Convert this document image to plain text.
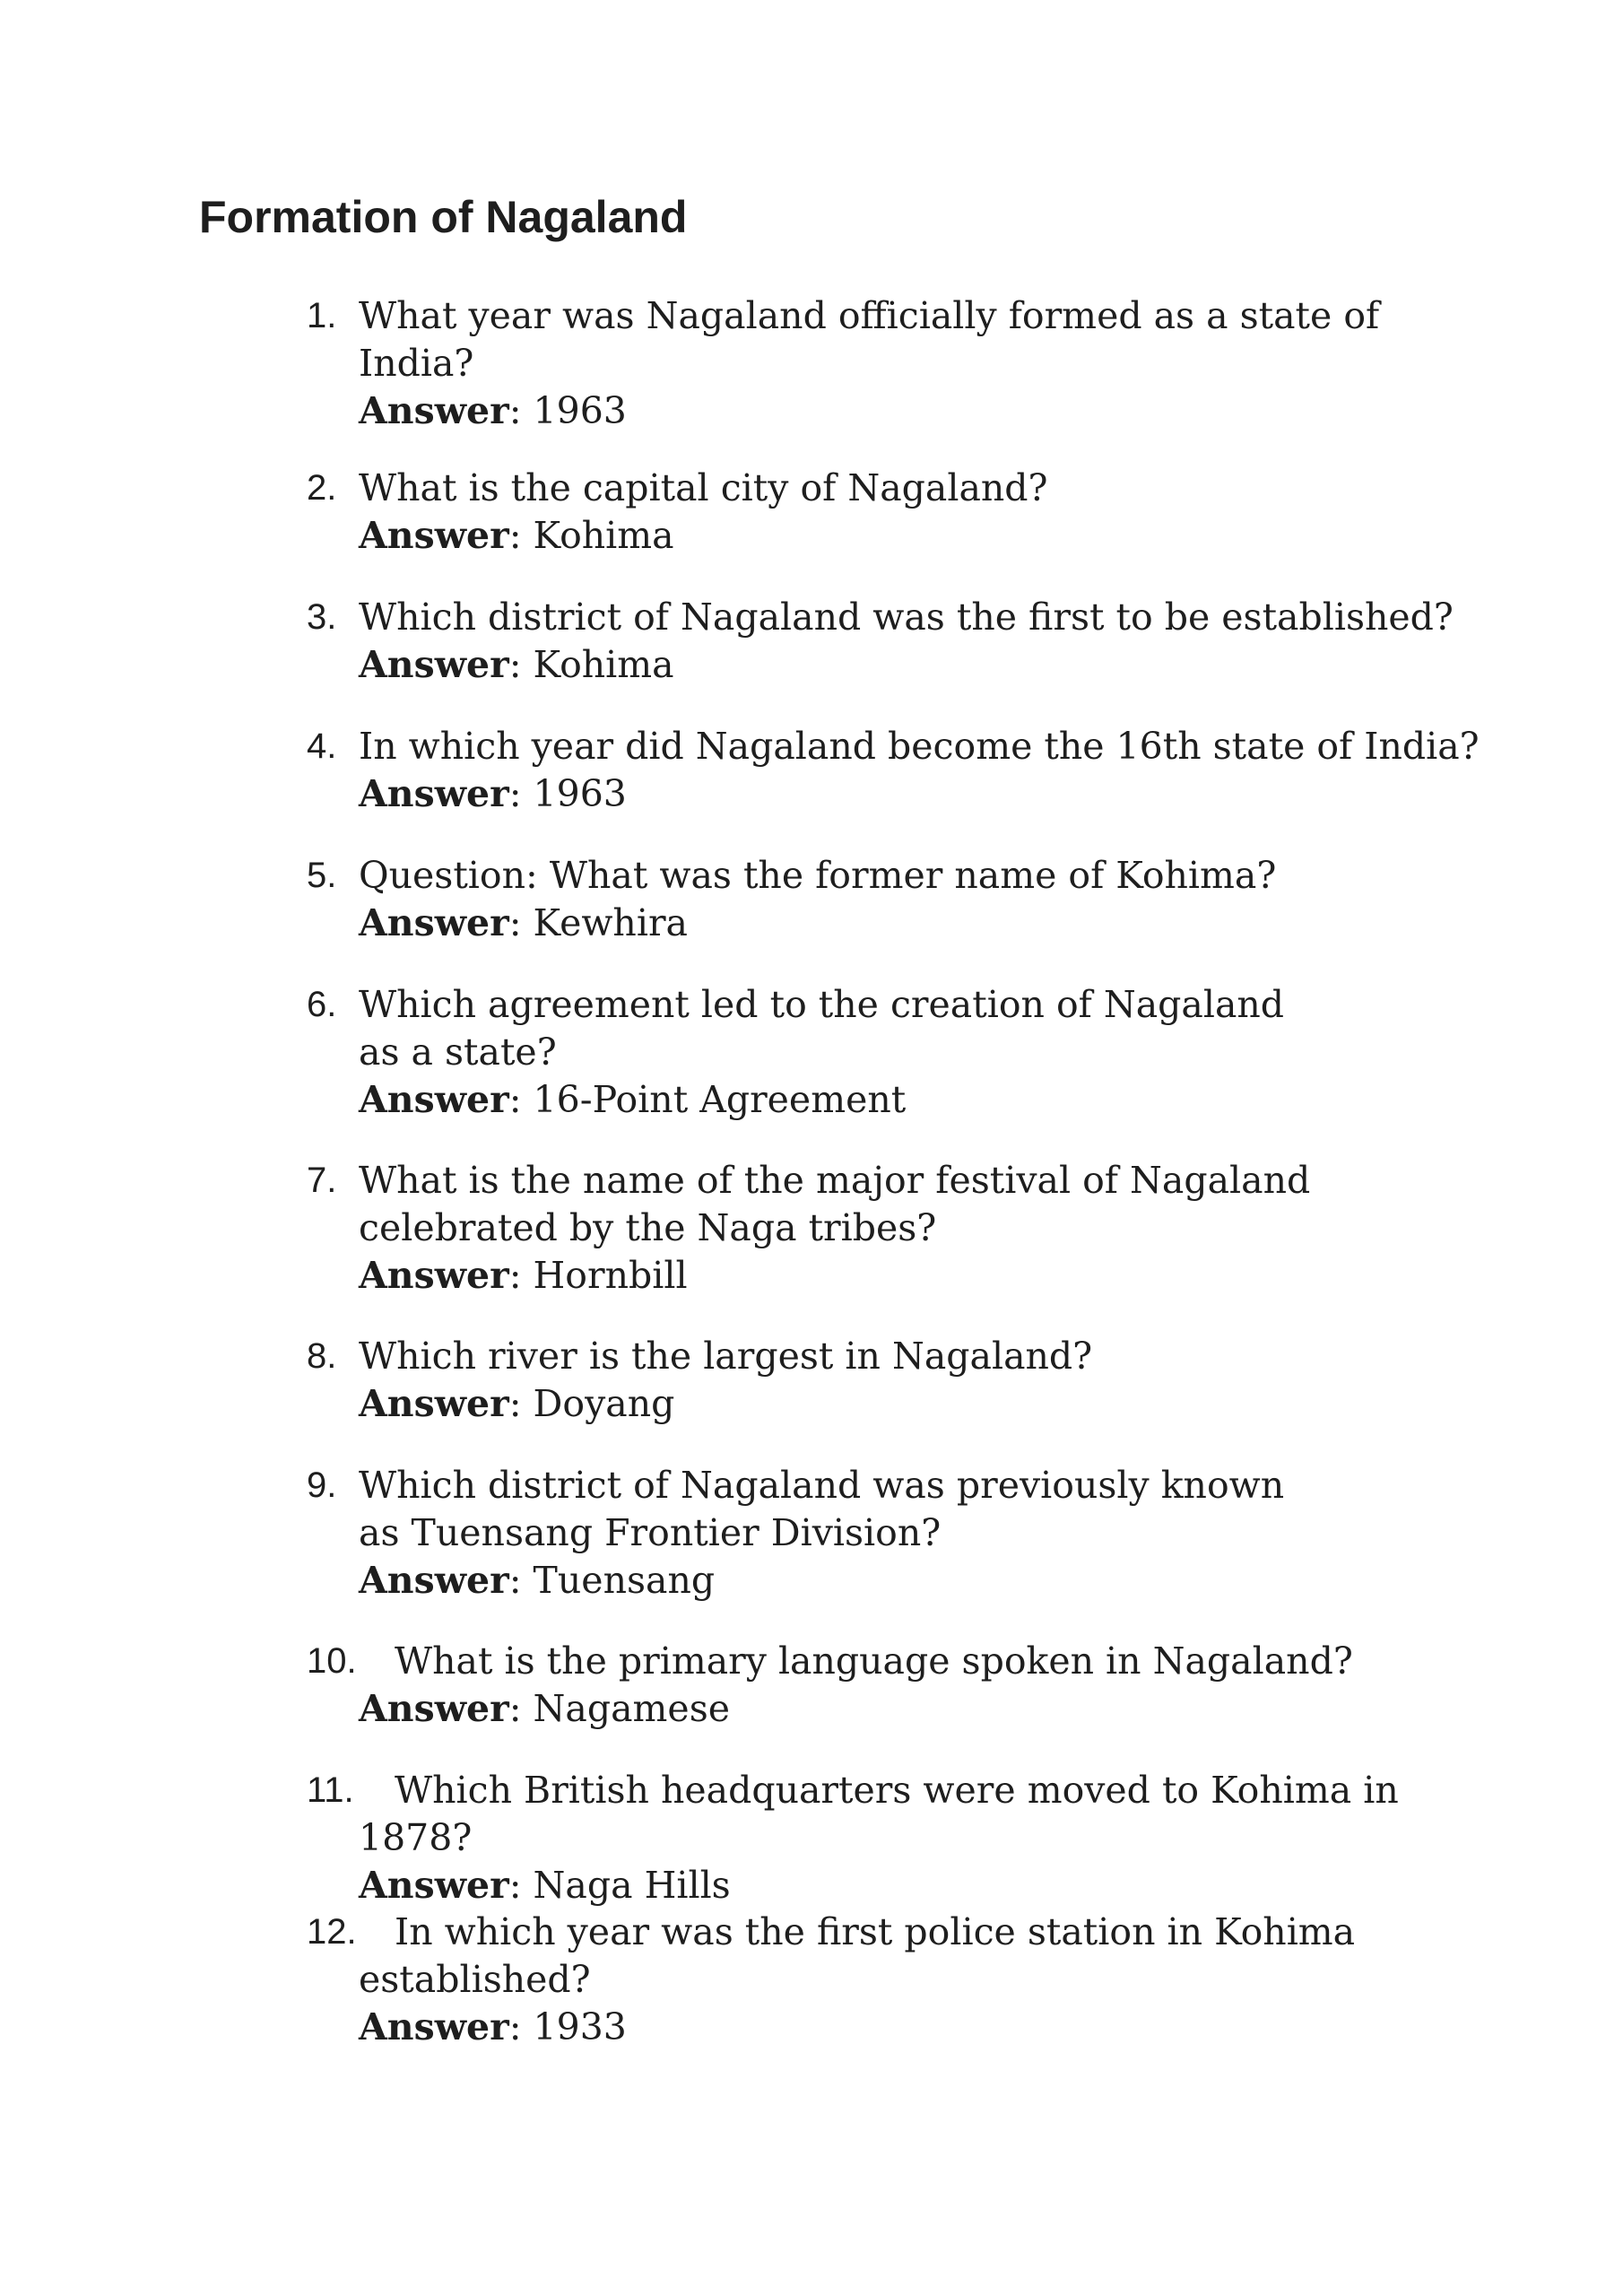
Formation of Nagaland
1. What year was Nagaland officially formed as a state of India?
Answer: 1963
2. What is the capital city of Nagaland?
Answer: Kohima
3. Which district of Nagaland was the first to be established?
Answer: Kohima
4. In which year did Nagaland become the 16th state of India?
Answer: 1963
5. Question: What was the former name of Kohima?
Answer: Kewhira
6. Which agreement led to the creation of Nagaland as a state?
Answer: 16-Point Agreement
7. What is the name of the major festival of Nagaland celebrated by the Naga tribes?
Answer: Hornbill
8. Which river is the largest in Nagaland?
Answer: Doyang
9. Which district of Nagaland was previously known as Tuensang Frontier Division?
Answer: Tuensang
10.	What is the primary language spoken in Nagaland?
Answer: Nagamese
11.	Which British headquarters were moved to Kohima in 1878?
Answer: Naga Hills
12.	In which year was the first police station in Kohima established?
Answer: 1933
